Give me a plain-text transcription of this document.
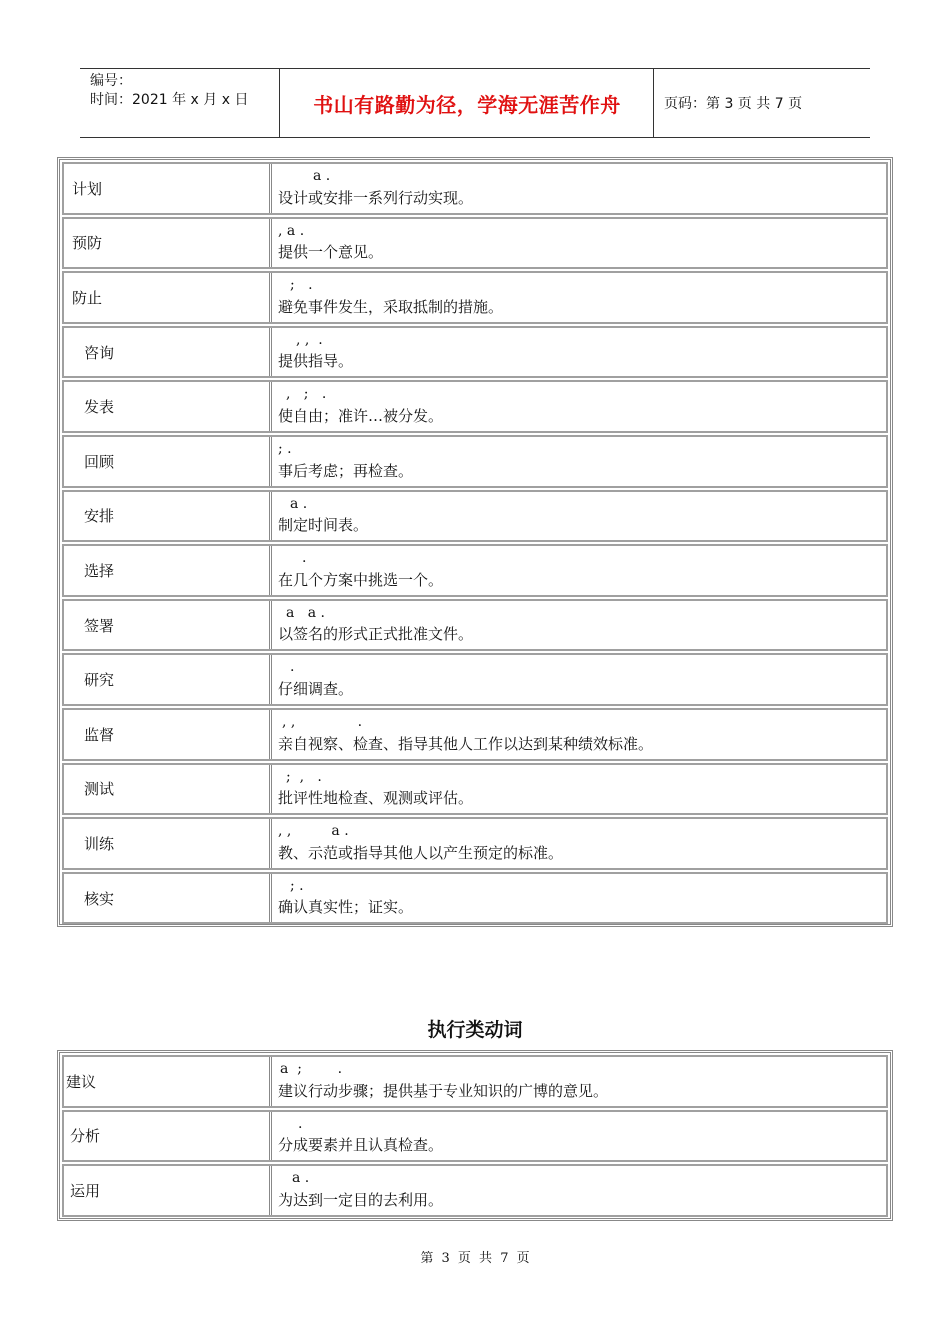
编号：
时间：2021 年 x 月 x 日	书山有路勤为径，学海无涯苦作舟	页码：第 3 页 共 7 页
计划
a .
设计或安排一系列行动实现。
预防
, a .
提供一个意见。
防止
;   .
避免事件发生，采取抵制的措施。
咨询
, ,  .
提供指导。
发表
,   ;   .
使自由；准许…被分发。
回顾
; .
事后考虑；再检查。
安排
a .
制定时间表。
选择
.
在几个方案中挑选一个。
签署
a   a .
以签名的形式正式批准文件。
研究
.
仔细调查。
监督
, ,              .
亲自视察、检查、指导其他人工作以达到某种绩效标准。
测试
;  ,   .
批评性地检查、观测或评估。
训练
, ,         a .
教、示范或指导其他人以产生预定的标准。
核实
; .
确认真实性；证实。
执行类动词
建议
a  ;        .
建议行动步骤；提供基于专业知识的广博的意见。
分析
.
分成要素并且认真检查。
运用
a .
为达到一定目的去利用。
第 3 页 共 7 页
